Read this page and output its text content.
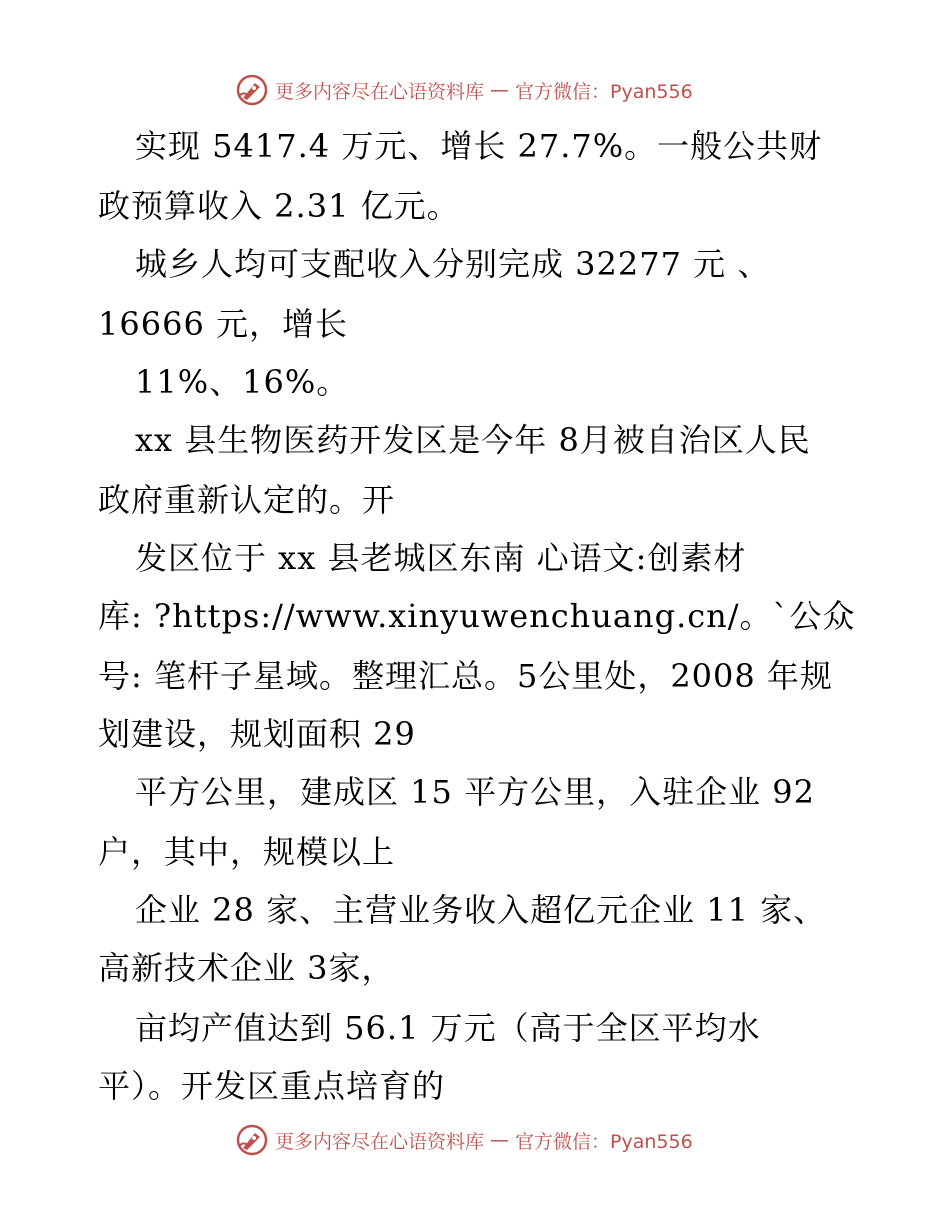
更多内容尽在心语资料库 — 官方微信：Pyan556
实现 5417.4 万元、增长 27.7%。一般公共财
政预算收入 2.31 亿元。
城乡人均可支配收入分别完成 32277 元 、
16666 元，增长
11%、16%。
xx 县生物医药开发区是今年 8月被自治区人民
政府重新认定的。开
发区位于 xx 县老城区东南 心语文:创素材
库: ?https://www.xinyuwenchuang.cn/。`公众
号: 笔杆子星域。整理汇总。5公里处，2008 年规
划建设，规划面积 29
平方公里，建成区 15 平方公里，入驻企业 92
户，其中，规模以上
企业 28 家、主营业务收入超亿元企业 11 家、
高新技术企业 3家，
亩均产值达到 56.1 万元（高于全区平均水
平）。开发区重点培育的
更多内容尽在心语资料库 — 官方微信：Pyan556
